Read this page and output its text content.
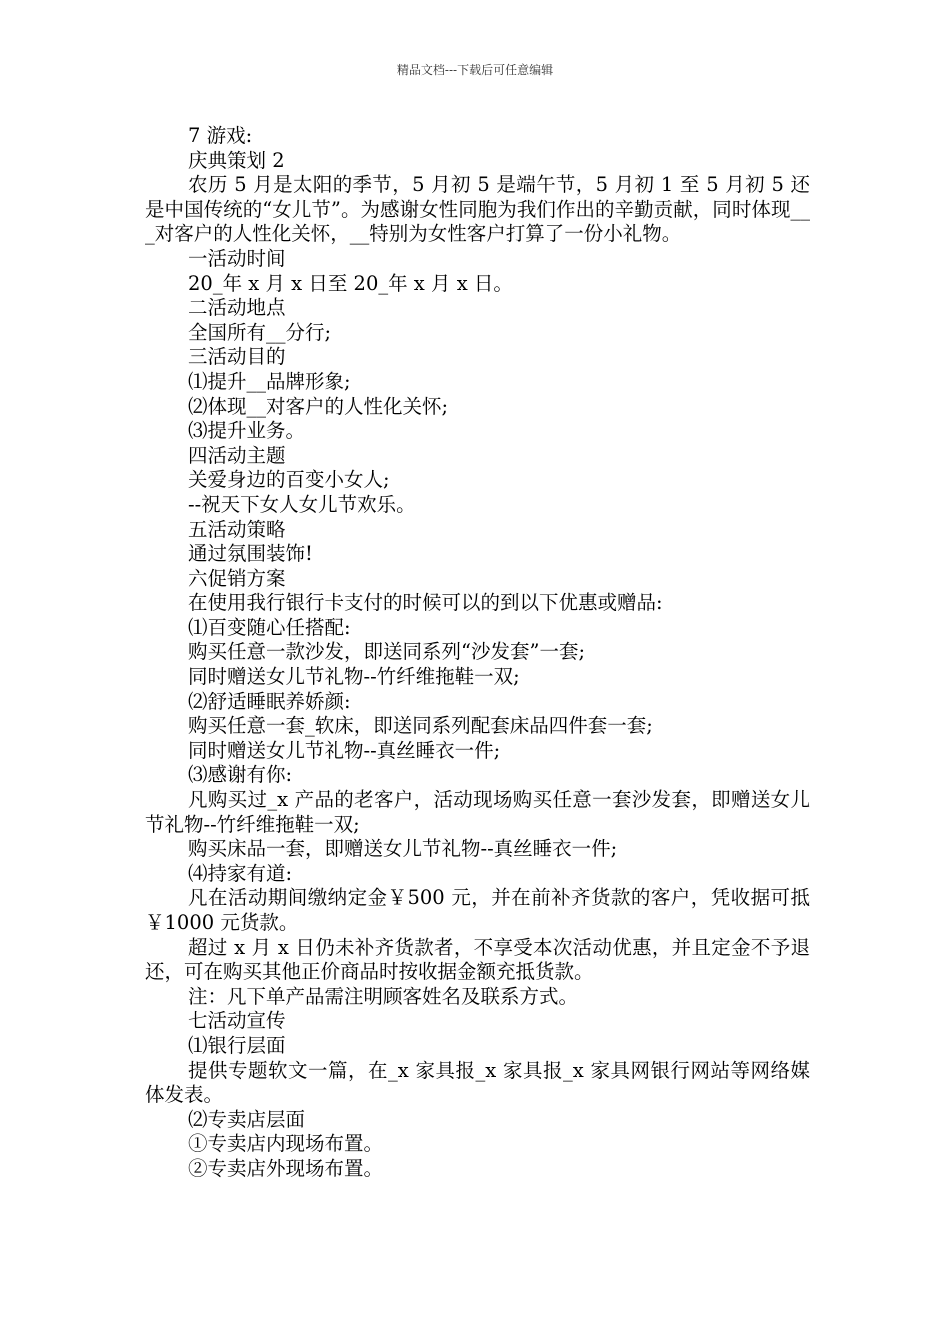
精品文档---下载后可任意编辑

7 游戏:

庆典策划 2

农历 5 月是太阳的季节，5 月初 5 是端午节，5 月初 1 至 5 月初 5 还是中国传统的“女儿节”。为感谢女性同胞为我们作出的辛勤贡献，同时体现___对客户的人性化关怀，__特别为女性客户打算了一份小礼物。

一活动时间

20_年 x 月 x 日至 20_年 x 月 x 日。

二活动地点

全国所有__分行;

三活动目的

⑴提升__品牌形象;

⑵体现__对客户的人性化关怀;

⑶提升业务。

四活动主题

关爱身边的百变小女人;

--祝天下女人女儿节欢乐。

五活动策略

通过氛围装饰!

六促销方案

在使用我行银行卡支付的时候可以的到以下优惠或赠品:

⑴百变随心任搭配:

购买任意一款沙发，即送同系列“沙发套”一套;

同时赠送女儿节礼物--竹纤维拖鞋一双;

⑵舒适睡眠养娇颜:

购买任意一套_软床，即送同系列配套床品四件套一套;

同时赠送女儿节礼物--真丝睡衣一件;

⑶感谢有你:

凡购买过_x 产品的老客户，活动现场购买任意一套沙发套，即赠送女儿节礼物--竹纤维拖鞋一双;

购买床品一套，即赠送女儿节礼物--真丝睡衣一件;

⑷持家有道:

凡在活动期间缴纳定金￥500 元，并在前补齐货款的客户，凭收据可抵￥1000 元货款。

超过 x 月 x 日仍未补齐货款者，不享受本次活动优惠，并且定金不予退还，可在购买其他正价商品时按收据金额充抵货款。

注：凡下单产品需注明顾客姓名及联系方式。

七活动宣传

⑴银行层面

提供专题软文一篇，在_x 家具报_x 家具报_x 家具网银行网站等网络媒体发表。

⑵专卖店层面

①专卖店内现场布置。

②专卖店外现场布置。
